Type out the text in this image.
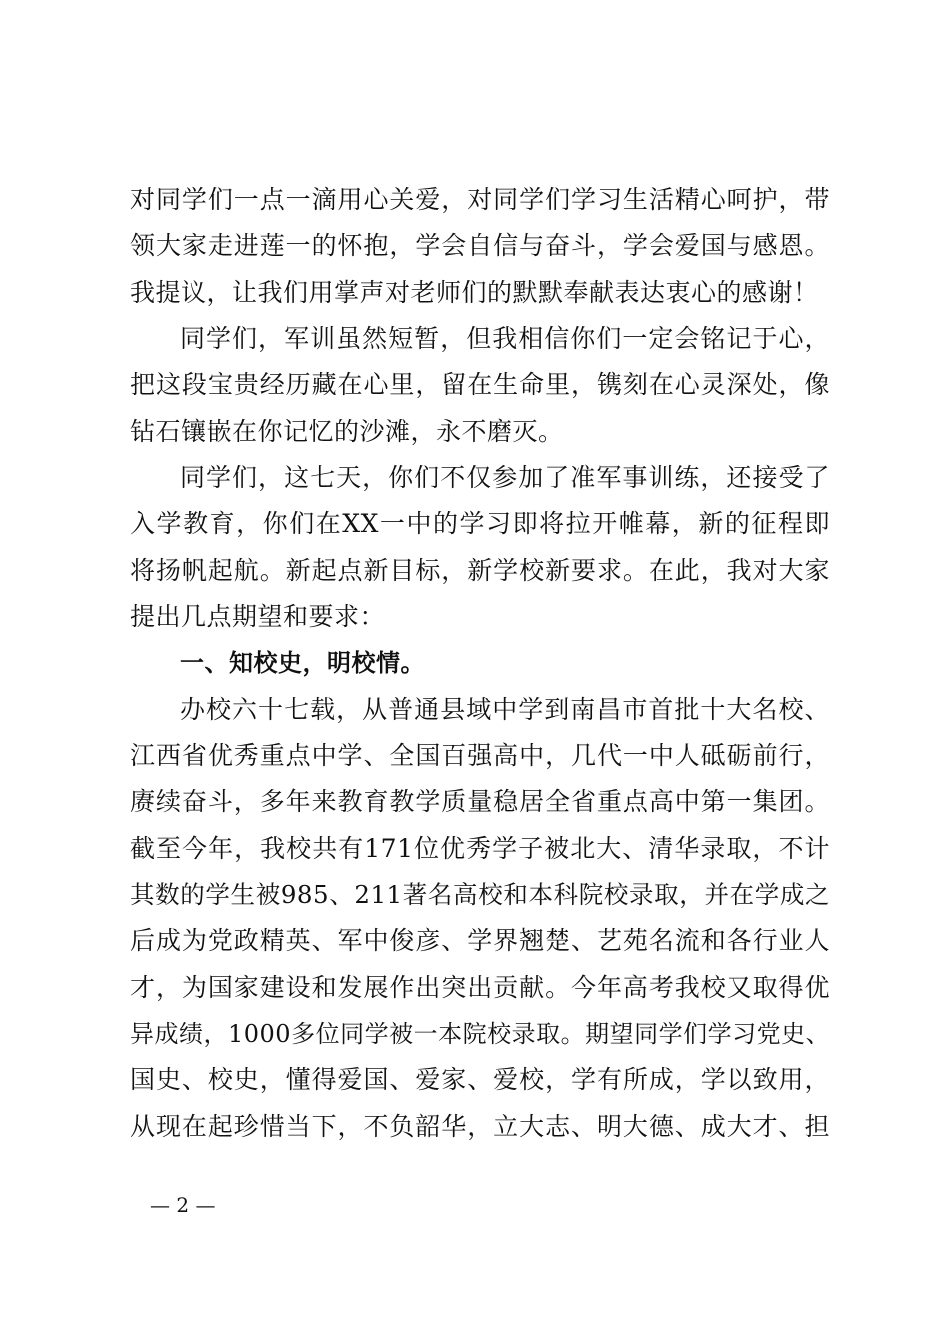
对同学们一点一滴用心关爱，对同学们学习生活精心呵护，带
领大家走进莲一的怀抱，学会自信与奋斗，学会爱国与感恩。
我提议，让我们用掌声对老师们的默默奉献表达衷心的感谢！
同学们，军训虽然短暂，但我相信你们一定会铭记于心，
把这段宝贵经历藏在心里，留在生命里，镌刻在心灵深处，像
钻石镶嵌在你记忆的沙滩，永不磨灭。
同学们，这七天，你们不仅参加了准军事训练，还接受了
入学教育，你们在XX一中的学习即将拉开帷幕，新的征程即
将扬帆起航。新起点新目标，新学校新要求。在此，我对大家
提出几点期望和要求：
一、知校史，明校情。
办校六十七载，从普通县域中学到南昌市首批十大名校、
江西省优秀重点中学、全国百强高中，几代一中人砥砺前行，
赓续奋斗，多年来教育教学质量稳居全省重点高中第一集团。
截至今年，我校共有171位优秀学子被北大、清华录取，不计
其数的学生被985、211著名高校和本科院校录取，并在学成之
后成为党政精英、军中俊彦、学界翘楚、艺苑名流和各行业人
才，为国家建设和发展作出突出贡献。今年高考我校又取得优
异成绩，1000多位同学被一本院校录取。期望同学们学习党史、
国史、校史，懂得爱国、爱家、爱校，学有所成，学以致用，
从现在起珍惜当下，不负韶华，立大志、明大德、成大才、担
— 2 —
